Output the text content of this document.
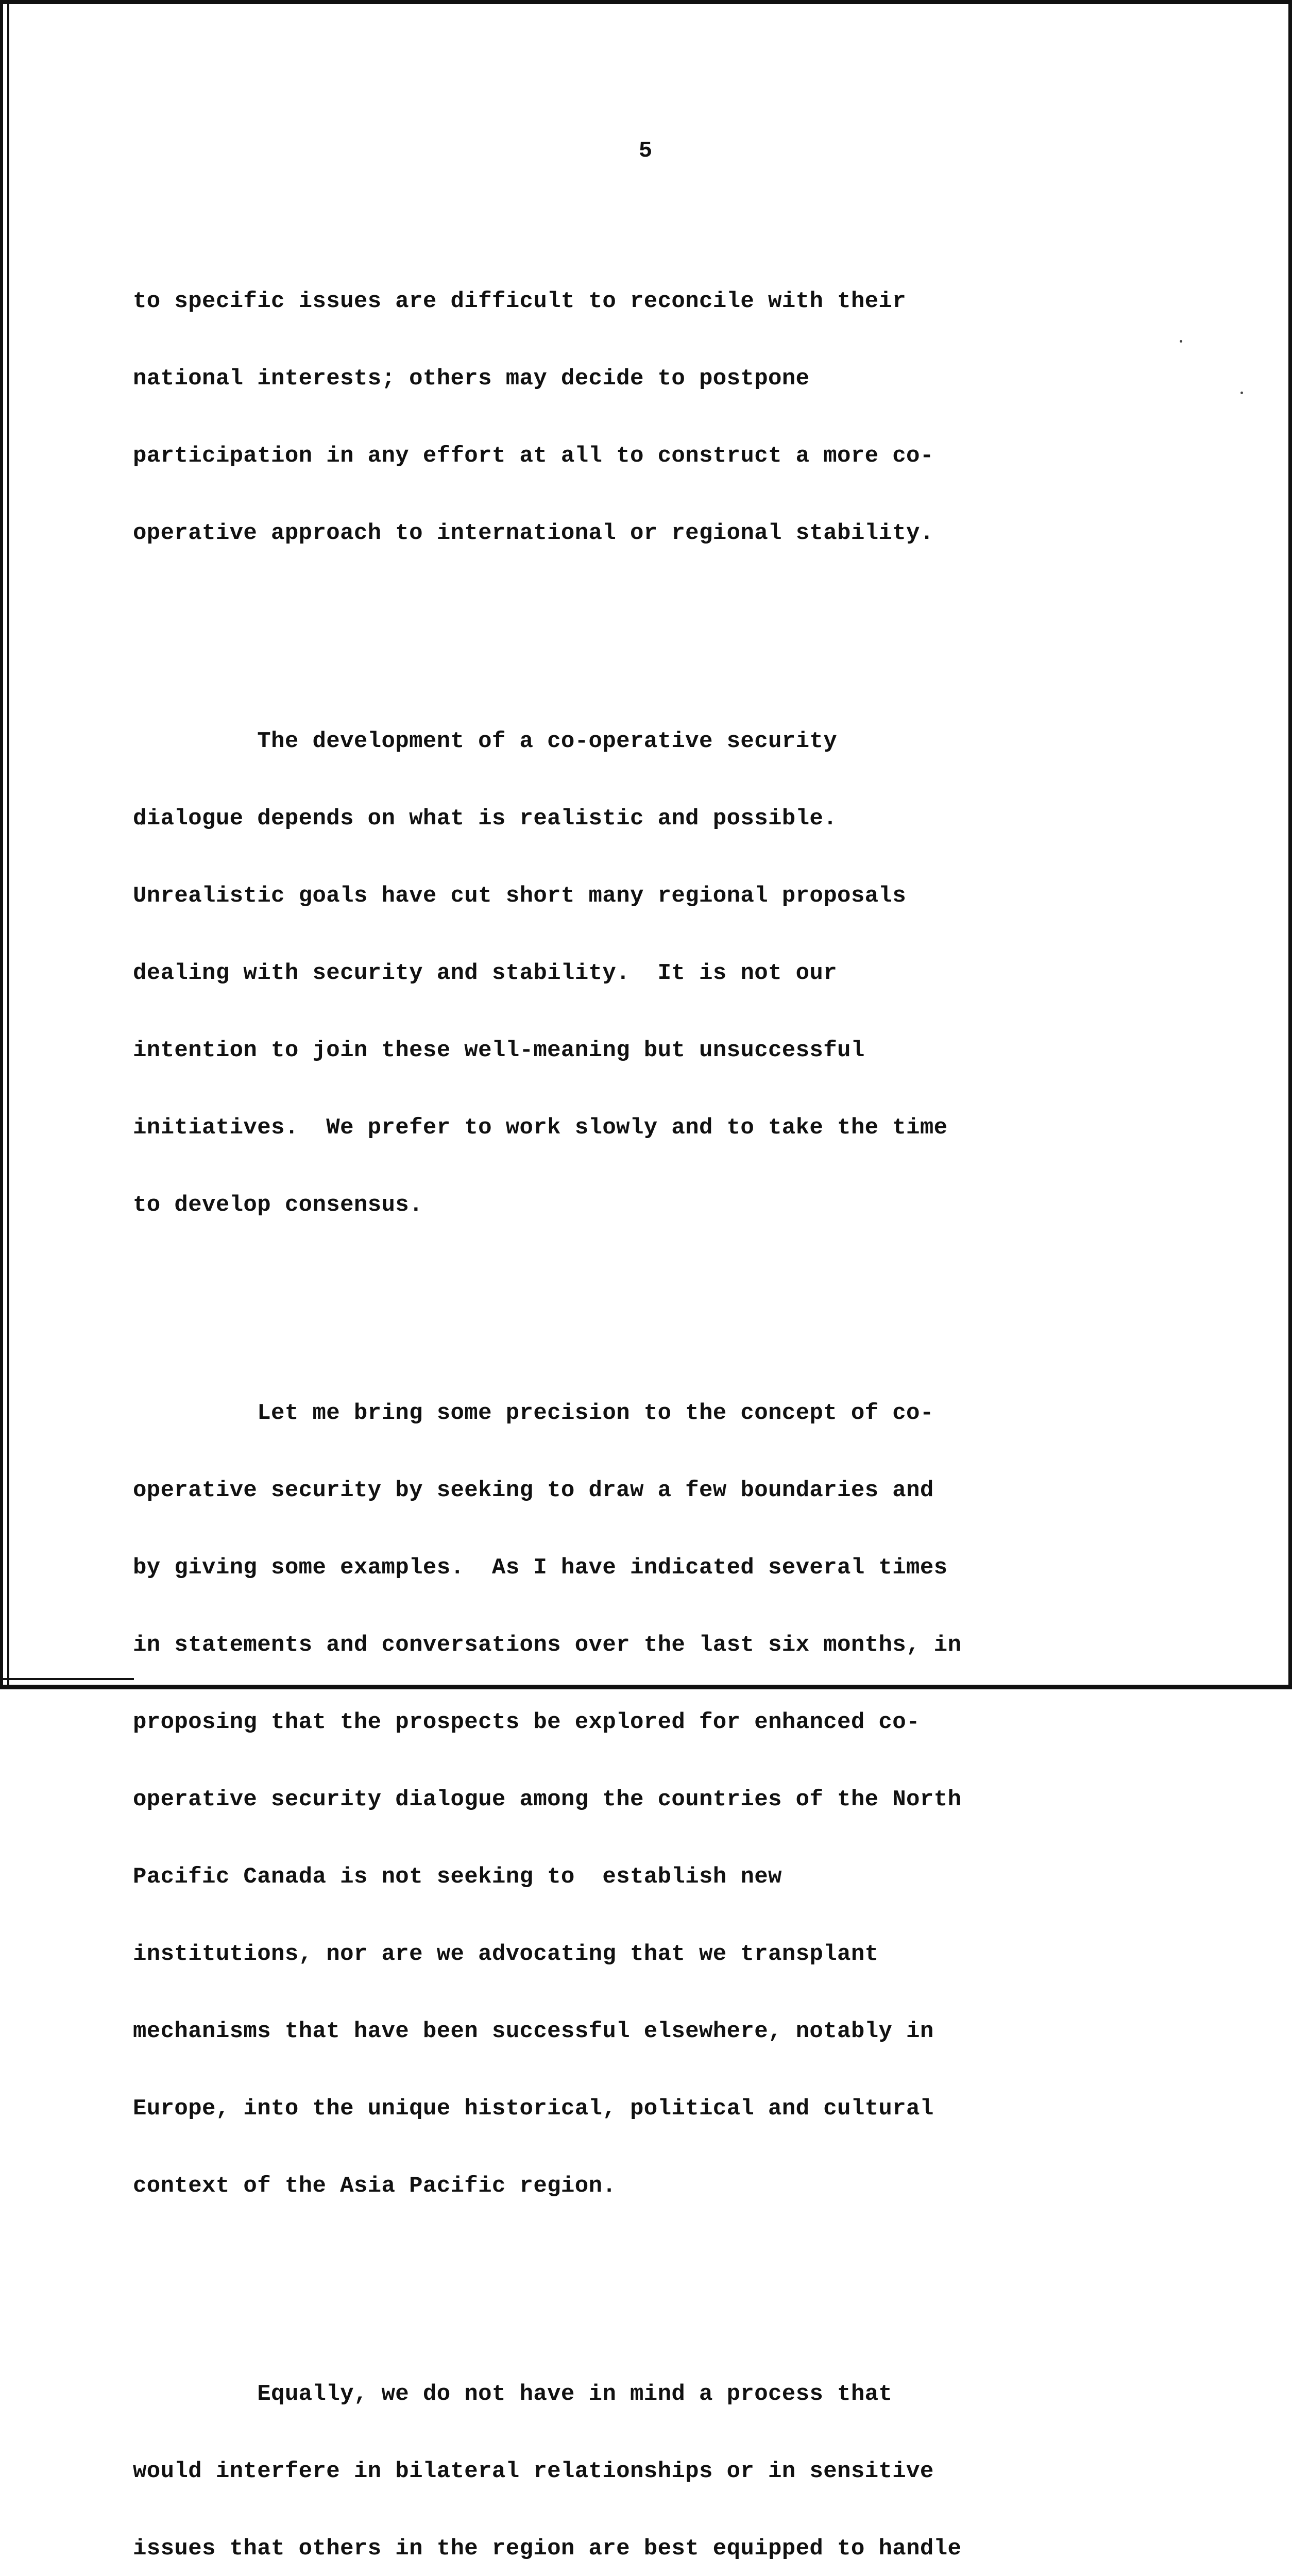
5

to specific issues are difficult to reconcile with their

national interests; others may decide to postpone

participation in any effort at all to construct a more co-

operative approach to international or regional stability.

The development of a co-operative security

dialogue depends on what is realistic and possible.

Unrealistic goals have cut short many regional proposals

dealing with security and stability.  It is not our

intention to join these well-meaning but unsuccessful

initiatives.  We prefer to work slowly and to take the time

to develop consensus.

Let me bring some precision to the concept of co-

operative security by seeking to draw a few boundaries and

by giving some examples.  As I have indicated several times

in statements and conversations over the last six months, in

proposing that the prospects be explored for enhanced co-

operative security dialogue among the countries of the North

Pacific Canada is not seeking to  establish new

institutions, nor are we advocating that we transplant

mechanisms that have been successful elsewhere, notably in

Europe, into the unique historical, political and cultural

context of the Asia Pacific region.

Equally, we do not have in mind a process that

would interfere in bilateral relationships or in sensitive

issues that others in the region are best equipped to handle
